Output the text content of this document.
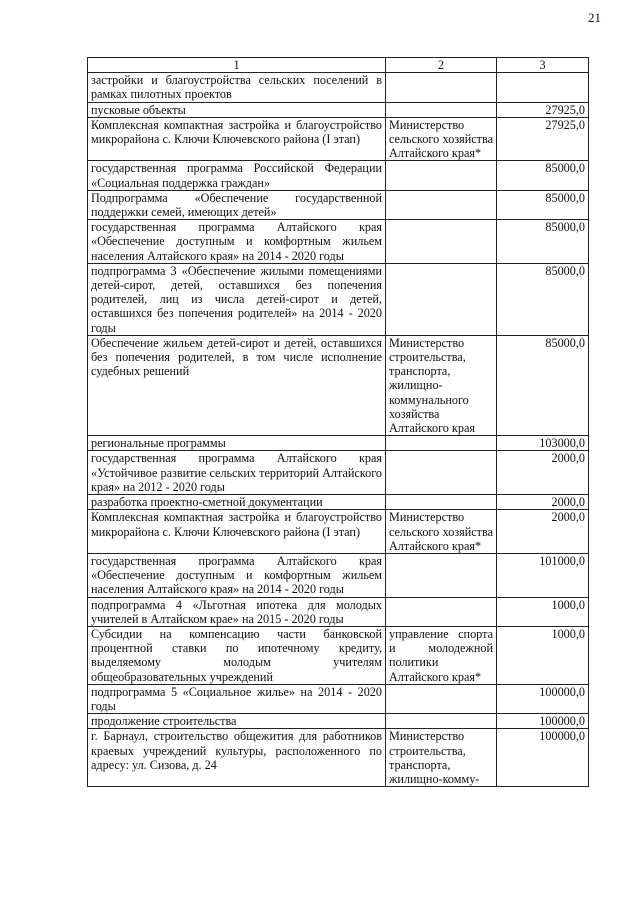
21
1	2	3
застройки и благоустройства сельских поселений в рамках пилотных проектов		
пусковые объекты		27925,0
Комплексная компактная застройка и благоустройство микрорайона с. Ключи Ключевского района (I этап)	Министерство сельского хозяйства Алтайского края*	27925,0
государственная программа Российской Федерации «Социальная поддержка граждан»		85000,0
Подпрограмма «Обеспечение государственной поддержки семей, имеющих детей»		85000,0
государственная программа Алтайского края «Обеспечение доступным и комфортным жильем населения Алтайского края» на 2014 - 2020 годы		85000,0
подпрограмма 3 «Обеспечение жилыми помещениями детей-сирот, детей, оставшихся без попечения родителей, лиц из числа детей-сирот и детей, оставшихся без попечения родителей» на 2014 - 2020 годы		85000,0
Обеспечение жильем детей-сирот и детей, оставшихся без попечения родителей, в том числе исполнение судебных решений	Министерство строительства, транспорта, жилищно-коммунального хозяйства Алтайского края	85000,0
региональные программы		103000,0
государственная программа Алтайского края «Устойчивое развитие сельских территорий Алтайского края» на 2012 - 2020 годы		2000,0
разработка проектно-сметной документации		2000,0
Комплексная компактная застройка и благоустройство микрорайона с. Ключи Ключевского района (I этап)	Министерство сельского хозяйства Алтайского края*	2000,0
государственная программа Алтайского края «Обеспечение доступным и комфортным жильем населения Алтайского края» на 2014 - 2020 годы		101000,0
подпрограмма 4 «Льготная ипотека для молодых учителей в Алтайском крае» на 2015 - 2020 годы		1000,0
Субсидии на компенсацию части банковской процентной ставки по ипотечному кредиту, выделяемому молодым учителям общеобразовательных учреждений	управление спорта и молодежной политики Алтайского края*	1000,0
подпрограмма 5 «Социальное жилье» на 2014 - 2020 годы		100000,0
продолжение строительства		100000,0
г. Барнаул, строительство общежития для работников краевых учреждений культуры, расположенного по адресу: ул. Сизова, д. 24	Министерство строительства, транспорта, жилищно-комму-	100000,0
